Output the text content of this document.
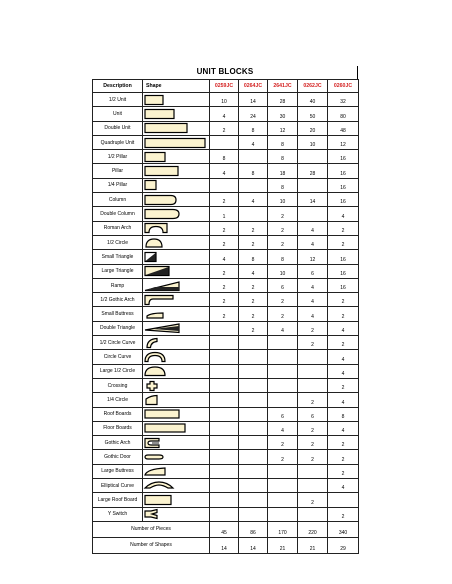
UNIT BLOCKS
Description	Shape	0259JC	0264JC	2641JC	0262JC	0260JC
1/2 Unit		10	14	28	40	32
Unit		4	24	30	50	80
Double Unit		2	8	12	20	48
Quadruple Unit			4	8	10	12
1/2 Pillar		8		8		16
Pillar		4	8	18	28	16
1/4 Pillar				8		16
Column		2	4	10	14	16
Double Column		1		2		4
Roman Arch		2	2	2	4	2
1/2 Circle		2	2	2	4	2
Small Triangle		4	8	8	12	16
Large Triangle		2	4	10	6	16
Ramp		2	2	6	4	16
1/2 Gothic Arch		2	2	2	4	2
Small Buttress		2	2	2	4	2
Double Triangle			2	4	2	4
1/2 Circle Curve					2	2
Circle Curve						4
Large 1/2 Circle						4
Crossing						2
1/4 Circle					2	4
Roof Boards				6	6	8
Floor Boards				4	2	4
Gothic Arch				2	2	2
Gothic Door				2	2	2
Large Buttress						2
Elliptical Curve						4
Large Roof Board					2	
Y Switch						2
Number of Pieces		45	86	170	220	340
Number of Shapes		14	14	21	21	29
